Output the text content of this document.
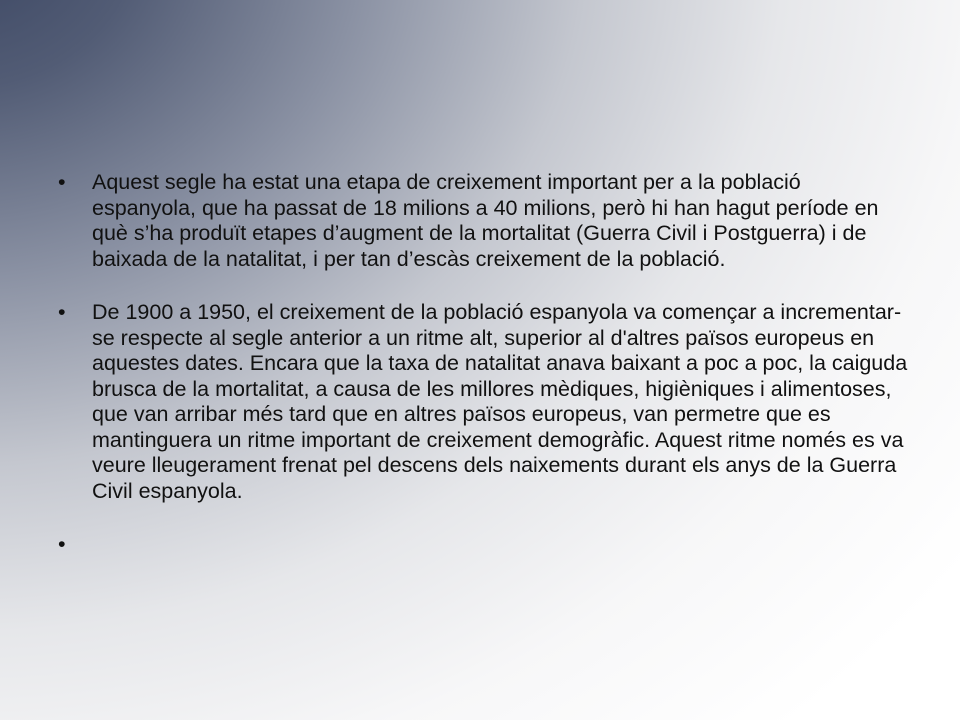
•	Aquest segle ha estat una etapa de creixement important per a la població espanyola, que ha passat de 18 milions a 40 milions, però hi han hagut període en què s’ha produït etapes d’augment de la mortalitat (Guerra Civil i Postguerra) i de baixada de la natalitat, i per tan d’escàs creixement de la població.
•	De 1900 a 1950, el creixement de la població espanyola va començar a incrementar-se respecte al segle anterior a un ritme alt, superior al d'altres països europeus en aquestes dates. Encara que la taxa de natalitat anava baixant a poc a poc, la caiguda brusca de la mortalitat, a causa de les millores mèdiques, higièniques i alimentoses, que van arribar més tard que en altres països europeus, van permetre que es mantinguera un ritme important de creixement demogràfic. Aquest ritme només es va veure lleugerament frenat pel descens dels naixements durant els anys de la Guerra Civil espanyola.
•
